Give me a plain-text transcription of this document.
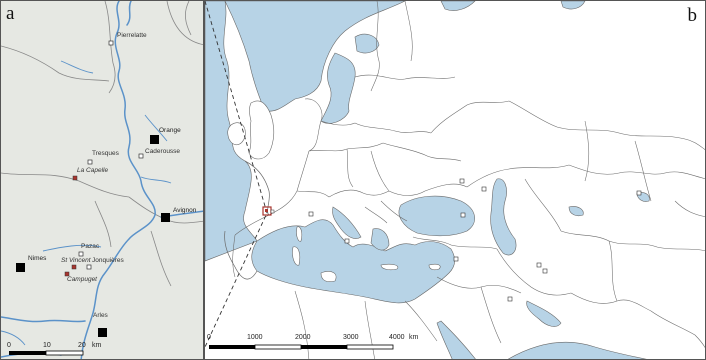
Pierrelatte
Orange
Tresques	Caderousse
La Capelle
Avignon
Nimes
Pazac
St Vincent Jonquières
Campuget
Arles
0	10	20 km
a
0	1000	2000	3000	4000 km
b
